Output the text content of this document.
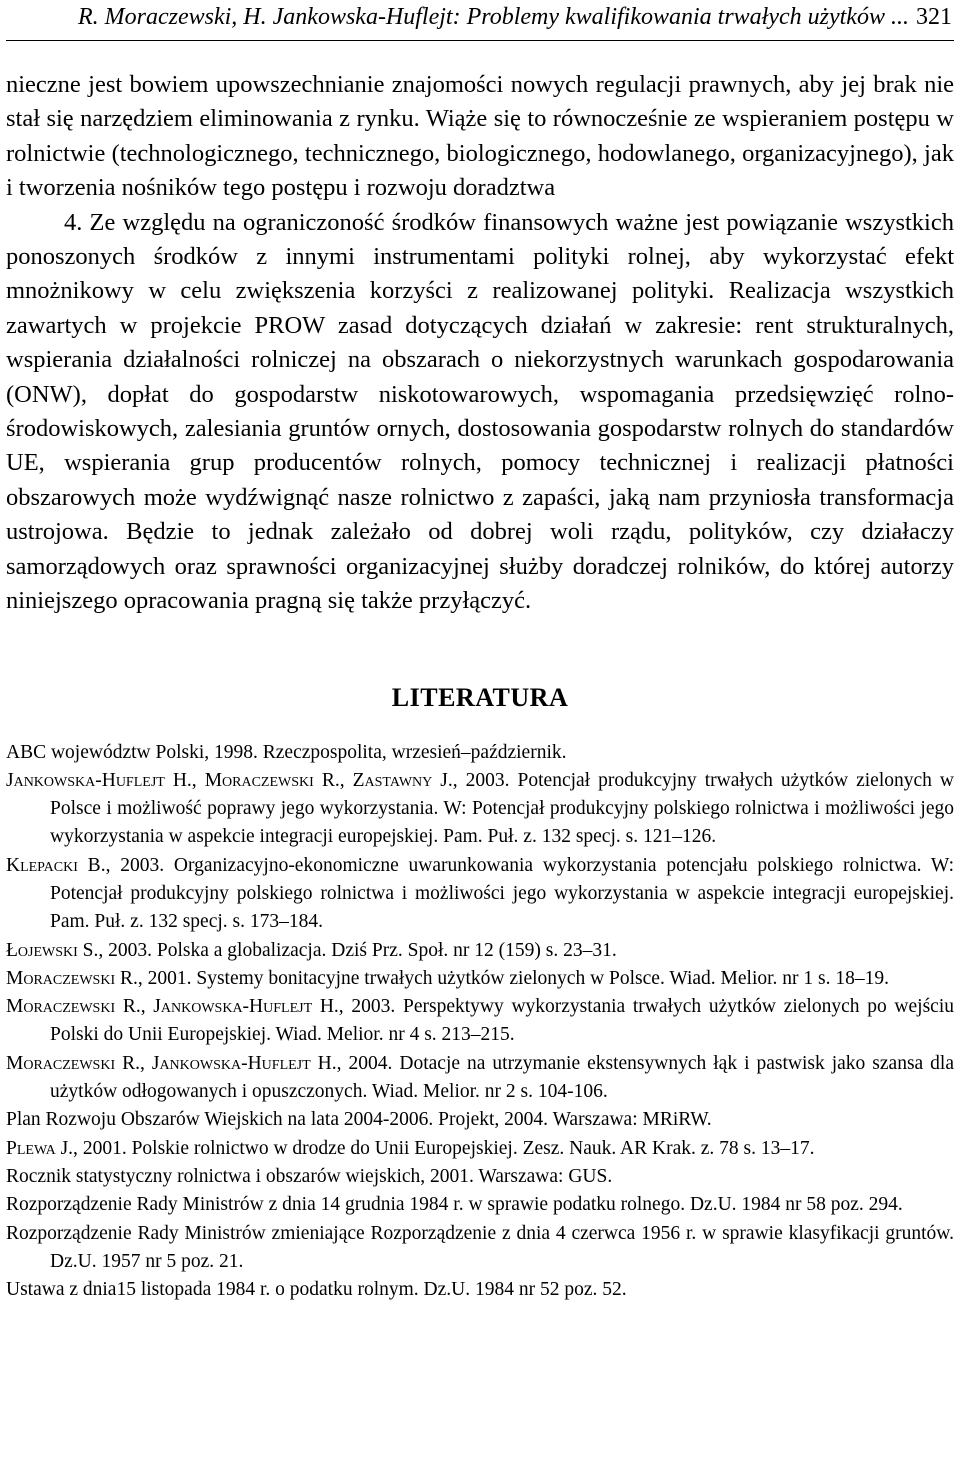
R. Moraczewski, H. Jankowska-Huflejt: Problemy kwalifikowania trwałych użytków ... 321

nieczne jest bowiem upowszechnianie znajomości nowych regulacji prawnych, aby jej brak nie stał się narzędziem eliminowania z rynku. Wiąże się to równocześnie ze wspieraniem postępu w rolnictwie (technologicznego, technicznego, biologicznego, hodowlanego, organizacyjnego), jak i tworzenia nośników tego postępu i rozwoju doradztwa

4. Ze względu na ograniczoność środków finansowych ważne jest powiązanie wszystkich ponoszonych środków z innymi instrumentami polityki rolnej, aby wykorzystać efekt mnożnikowy w celu zwiększenia korzyści z realizowanej polityki. Realizacja wszystkich zawartych w projekcie PROW zasad dotyczących działań w zakresie: rent strukturalnych, wspierania działalności rolniczej na obszarach o niekorzystnych warunkach gospodarowania (ONW), dopłat do gospodarstw niskotowarowych, wspomagania przedsięwzięć rolno-środowiskowych, zalesiania gruntów ornych, dostosowania gospodarstw rolnych do standardów UE, wspierania grup producentów rolnych, pomocy technicznej i realizacji płatności obszarowych może wydźwignąć nasze rolnictwo z zapaści, jaką nam przyniosła transformacja ustrojowa. Będzie to jednak zależało od dobrej woli rządu, polityków, czy działaczy samorządowych oraz sprawności organizacyjnej służby doradczej rolników, do której autorzy niniejszego opracowania pragną się także przyłączyć.

LITERATURA
ABC województw Polski, 1998. Rzeczpospolita, wrzesień–październik.
Jankowska-Huflejt H., Moraczewski R., Zastawny J., 2003. Potencjał produkcyjny trwałych użytków zielonych w Polsce i możliwość poprawy jego wykorzystania. W: Potencjał produkcyjny polskiego rolnictwa i możliwości jego wykorzystania w aspekcie integracji europejskiej. Pam. Puł. z. 132 specj. s. 121–126.
Klepacki B., 2003. Organizacyjno-ekonomiczne uwarunkowania wykorzystania potencjału polskiego rolnictwa. W: Potencjał produkcyjny polskiego rolnictwa i możliwości jego wykorzystania w aspekcie integracji europejskiej. Pam. Puł. z. 132 specj. s. 173–184.
Łojewski S., 2003. Polska a globalizacja. Dziś Prz. Społ. nr 12 (159) s. 23–31.
Moraczewski R., 2001. Systemy bonitacyjne trwałych użytków zielonych w Polsce. Wiad. Melior. nr 1 s. 18–19.
Moraczewski R., Jankowska-Huflejt H., 2003. Perspektywy wykorzystania trwałych użytków zielonych po wejściu Polski do Unii Europejskiej. Wiad. Melior. nr 4 s. 213–215.
Moraczewski R., Jankowska-Huflejt H., 2004. Dotacje na utrzymanie ekstensywnych łąk i pastwisk jako szansa dla użytków odłogowanych i opuszczonych. Wiad. Melior. nr 2 s. 104-106.
Plan Rozwoju Obszarów Wiejskich na lata 2004-2006. Projekt, 2004. Warszawa: MRiRW.
Plewa J., 2001. Polskie rolnictwo w drodze do Unii Europejskiej. Zesz. Nauk. AR Krak. z. 78 s. 13–17.
Rocznik statystyczny rolnictwa i obszarów wiejskich, 2001. Warszawa: GUS.
Rozporządzenie Rady Ministrów z dnia 14 grudnia 1984 r. w sprawie podatku rolnego. Dz.U. 1984 nr 58 poz. 294.
Rozporządzenie Rady Ministrów zmieniające Rozporządzenie z dnia 4 czerwca 1956 r. w sprawie klasyfikacji gruntów. Dz.U. 1957 nr 5 poz. 21.
Ustawa z dnia15 listopada 1984 r. o podatku rolnym. Dz.U. 1984 nr 52 poz. 52.
